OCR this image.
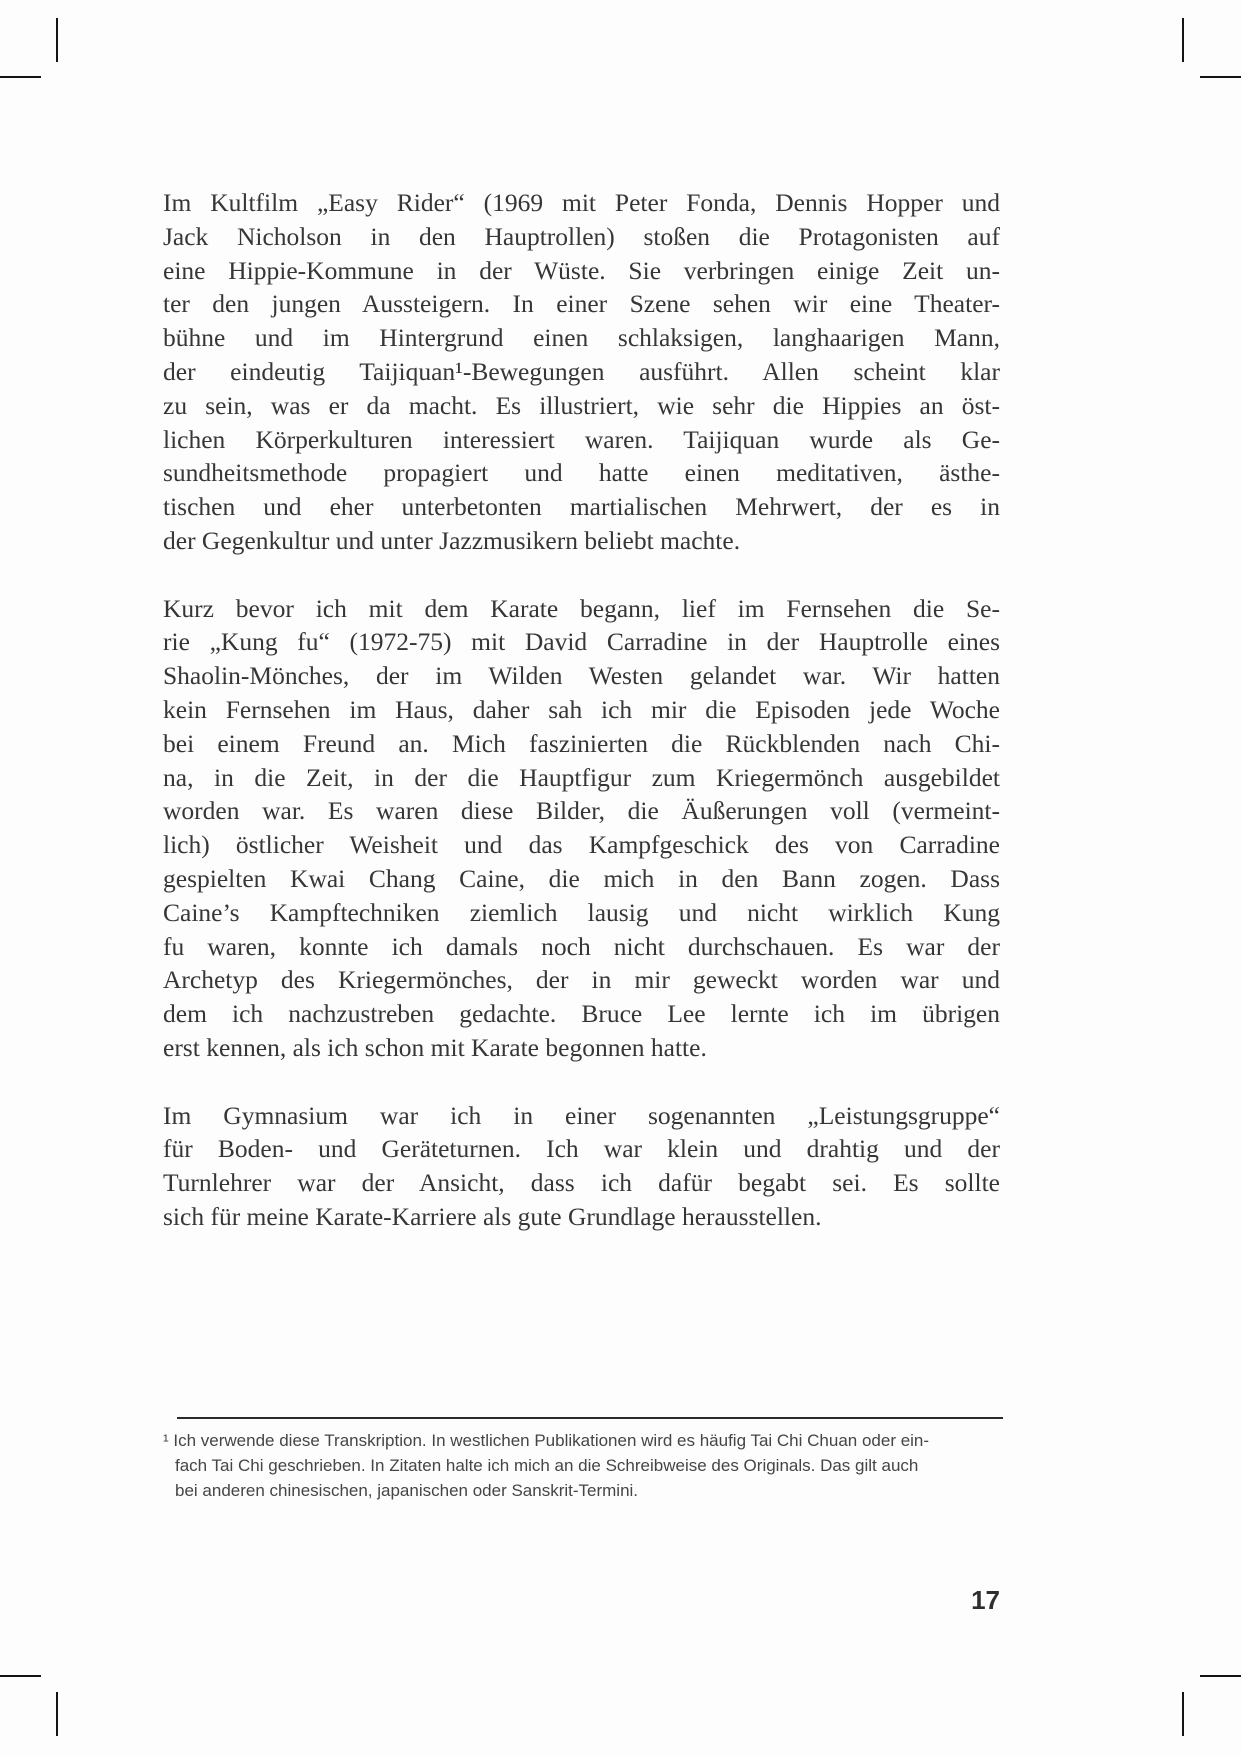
Im Kultfilm „Easy Rider“ (1969 mit Peter Fonda, Dennis Hopper und
Jack Nicholson in den Hauptrollen) stoßen die Protagonisten auf
eine Hippie-Kommune in der Wüste. Sie verbringen einige Zeit un-
ter den jungen Aussteigern. In einer Szene sehen wir eine Theater-
bühne und im Hintergrund einen schlaksigen, langhaarigen Mann,
der eindeutig Taijiquan¹-Bewegungen ausführt. Allen scheint klar
zu sein, was er da macht. Es illustriert, wie sehr die Hippies an öst-
lichen Körperkulturen interessiert waren. Taijiquan wurde als Ge-
sundheitsmethode propagiert und hatte einen meditativen, ästhe-
tischen und eher unterbetonten martialischen Mehrwert, der es in
der Gegenkultur und unter Jazzmusikern beliebt machte.
Kurz bevor ich mit dem Karate begann, lief im Fernsehen die Se-
rie „Kung fu“ (1972-75) mit David Carradine in der Hauptrolle eines
Shaolin-Mönches, der im Wilden Westen gelandet war. Wir hatten
kein Fernsehen im Haus, daher sah ich mir die Episoden jede Woche
bei einem Freund an. Mich faszinierten die Rückblenden nach Chi-
na, in die Zeit, in der die Hauptfigur zum Kriegermönch ausgebildet
worden war. Es waren diese Bilder, die Äußerungen voll (vermeint-
lich) östlicher Weisheit und das Kampfgeschick des von Carradine
gespielten Kwai Chang Caine, die mich in den Bann zogen. Dass
Caine’s Kampftechniken ziemlich lausig und nicht wirklich Kung
fu waren, konnte ich damals noch nicht durchschauen. Es war der
Archetyp des Kriegermönches, der in mir geweckt worden war und
dem ich nachzustreben gedachte. Bruce Lee lernte ich im übrigen
erst kennen, als ich schon mit Karate begonnen hatte.
Im Gymnasium war ich in einer sogenannten „Leistungsgruppe“
für Boden- und Geräteturnen. Ich war klein und drahtig und der
Turnlehrer war der Ansicht, dass ich dafür begabt sei. Es sollte
sich für meine Karate-Karriere als gute Grundlage herausstellen.
¹ Ich verwende diese Transkription. In westlichen Publikationen wird es häufig Tai Chi Chuan oder ein-
fach Tai Chi geschrieben. In Zitaten halte ich mich an die Schreibweise des Originals. Das gilt auch
bei anderen chinesischen, japanischen oder Sanskrit-Termini.
17
